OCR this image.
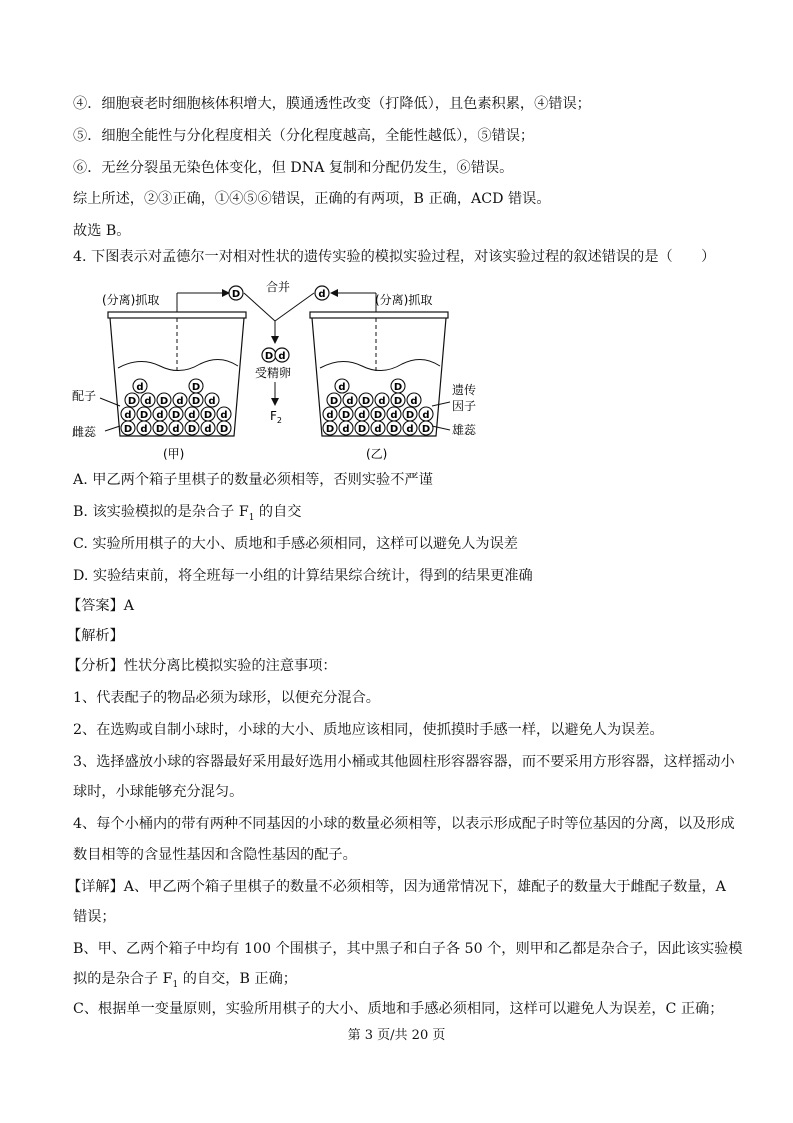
④．细胞衰老时细胞核体积增大，膜通透性改变（打降低），且色素积累，④错误；
⑤．细胞全能性与分化程度相关（分化程度越高，全能性越低），⑤错误；
⑥．无丝分裂虽无染色体变化，但 DNA 复制和分配仍发生，⑥错误。
综上所述，②③正确，①④⑤⑥错误，正确的有两项，B 正确，ACD 错误。
故选 B。
4. 下图表示对孟德尔一对相对性状的遗传实验的模拟实验过程，对该实验过程的叙述错误的是（　　）
(分离)抓取	(分离)抓取
D
合并
d
D d
受精卵
$F_2$
d	D
D d D d D d
d D d D d D d
D d D d D d D
配子
雌蕊
(甲)
d	D
D d D d D d
d D d D d D d
D d D d D d D
遗传
因子
雄蕊
(乙)
A. 甲乙两个箱子里棋子的数量必须相等，否则实验不严谨
B. 该实验模拟的是杂合子 $F_1$ 的自交
C. 实验所用棋子的大小、质地和手感必须相同，这样可以避免人为误差
D. 实验结束前，将全班每一小组的计算结果综合统计，得到的结果更准确
【答案】A
【解析】
【分析】性状分离比模拟实验的注意事项：
1、代表配子的物品必须为球形，以便充分混合。
2、在选购或自制小球时，小球的大小、质地应该相同，使抓摸时手感一样，以避免人为误差。
3、选择盛放小球的容器最好采用最好选用小桶或其他圆柱形容器容器，而不要采用方形容器，这样摇动小
球时，小球能够充分混匀。
4、每个小桶内的带有两种不同基因的小球的数量必须相等，以表示形成配子时等位基因的分离，以及形成
数目相等的含显性基因和含隐性基因的配子。
【详解】A、甲乙两个箱子里棋子的数量不必须相等，因为通常情况下，雄配子的数量大于雌配子数量，A
错误；
B、甲、乙两个箱子中均有 100 个围棋子，其中黑子和白子各 50 个，则甲和乙都是杂合子，因此该实验模
拟的是杂合子 $F_1$ 的自交，B 正确；
C、根据单一变量原则，实验所用棋子的大小、质地和手感必须相同，这样可以避免人为误差，C 正确；
第 3 页/共 20 页
